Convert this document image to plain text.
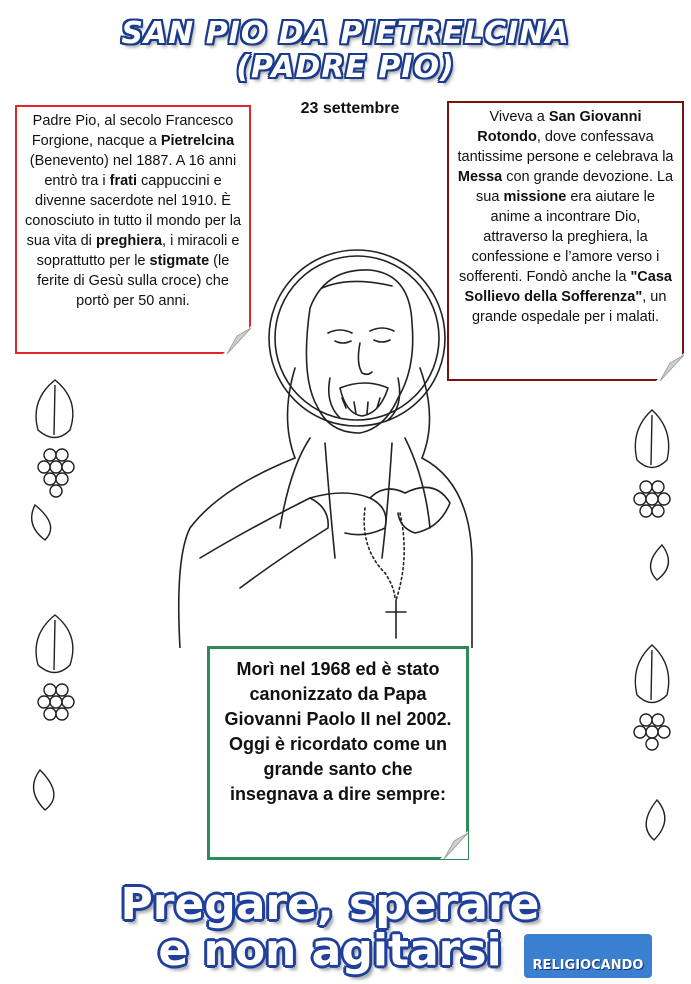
SAN PIO DA PIETRELCINA
(PADRE PIO)
23 settembre
Padre Pio, al secolo Francesco Forgione, nacque a Pietrelcina (Benevento) nel 1887. A 16 anni entrò tra i frati cappuccini e divenne sacerdote nel 1910. È conosciuto in tutto il mondo per la sua vita di preghiera, i miracoli e soprattutto per le stigmate (le ferite di Gesù sulla croce) che portò per 50 anni.
Viveva a San Giovanni Rotondo, dove confessava tantissime persone e celebrava la Messa con grande devozione. La sua missione era aiutare le anime a incontrare Dio, attraverso la preghiera, la confessione e l’amore verso i sofferenti. Fondò anche la "Casa Sollievo della Sofferenza", un grande ospedale per i malati.
Morì nel 1968 ed è stato canonizzato da Papa Giovanni Paolo II nel 2002. Oggi è ricordato come un grande santo che insegnava a dire sempre:
Pregare, sperare
e non agitarsi	RELIGIOCANDO
